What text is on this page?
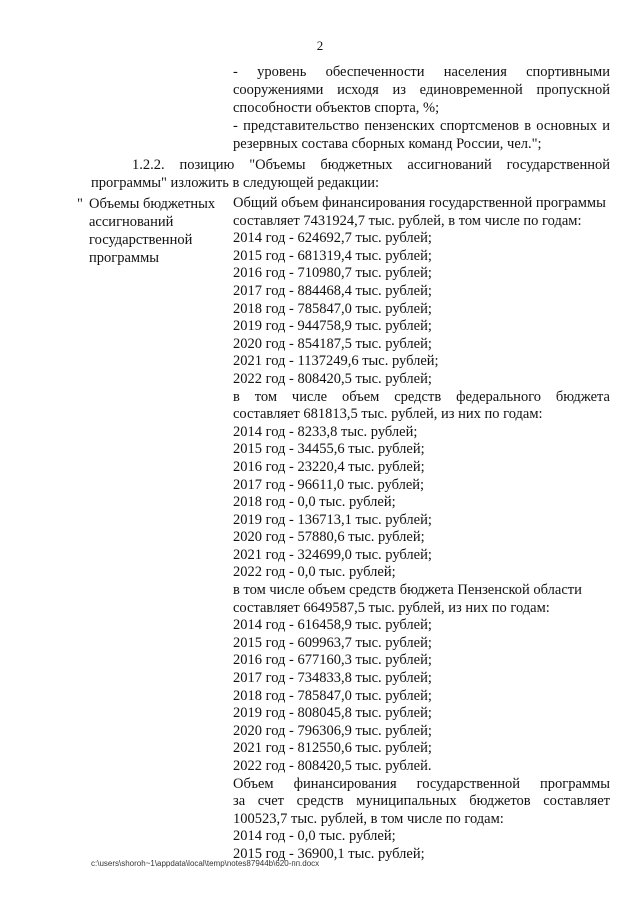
2

- уровень обеспеченности населения спортивными сооружениями исходя из единовременной пропускной способности объектов спорта, %;

- представительство пензенских спортсменов в основных и резервных состава сборных команд России, чел.";

1.2.2. позицию "Объемы бюджетных ассигнований государственной программы" изложить в следующей редакции:

" Объемы бюджетных
ассигнований
государственной
программы
Общий объем финансирования государственной программы
составляет 7431924,7 тыс. рублей, в том числе по годам:
2014 год - 624692,7 тыс. рублей;
2015 год - 681319,4 тыс. рублей;
2016 год - 710980,7 тыс. рублей;
2017 год - 884468,4 тыс. рублей;
2018 год - 785847,0 тыс. рублей;
2019 год - 944758,9 тыс. рублей;
2020 год - 854187,5 тыс. рублей;
2021 год - 1137249,6 тыс. рублей;
2022 год - 808420,5 тыс. рублей;
в том числе объем средств федерального бюджета
составляет 681813,5 тыс. рублей, из них по годам:
2014 год - 8233,8 тыс. рублей;
2015 год - 34455,6 тыс. рублей;
2016 год - 23220,4 тыс. рублей;
2017 год - 96611,0 тыс. рублей;
2018 год - 0,0 тыс. рублей;
2019 год - 136713,1 тыс. рублей;
2020 год - 57880,6 тыс. рублей;
2021 год - 324699,0 тыс. рублей;
2022 год - 0,0 тыс. рублей;
в том числе объем средств бюджета Пензенской области
составляет 6649587,5 тыс. рублей, из них по годам:
2014 год - 616458,9 тыс. рублей;
2015 год - 609963,7 тыс. рублей;
2016 год - 677160,3 тыс. рублей;
2017 год - 734833,8 тыс. рублей;
2018 год - 785847,0 тыс. рублей;
2019 год - 808045,8 тыс. рублей;
2020 год - 796306,9 тыс. рублей;
2021 год - 812550,6 тыс. рублей;
2022 год - 808420,5 тыс. рублей.
Объем финансирования государственной программы
за счет средств муниципальных бюджетов составляет
100523,7 тыс. рублей, в том числе по годам:
2014 год - 0,0 тыс. рублей;
2015 год - 36900,1 тыс. рублей;
c:\users\shoroh~1\appdata\local\temp\notes87944b\620-пп.docx
